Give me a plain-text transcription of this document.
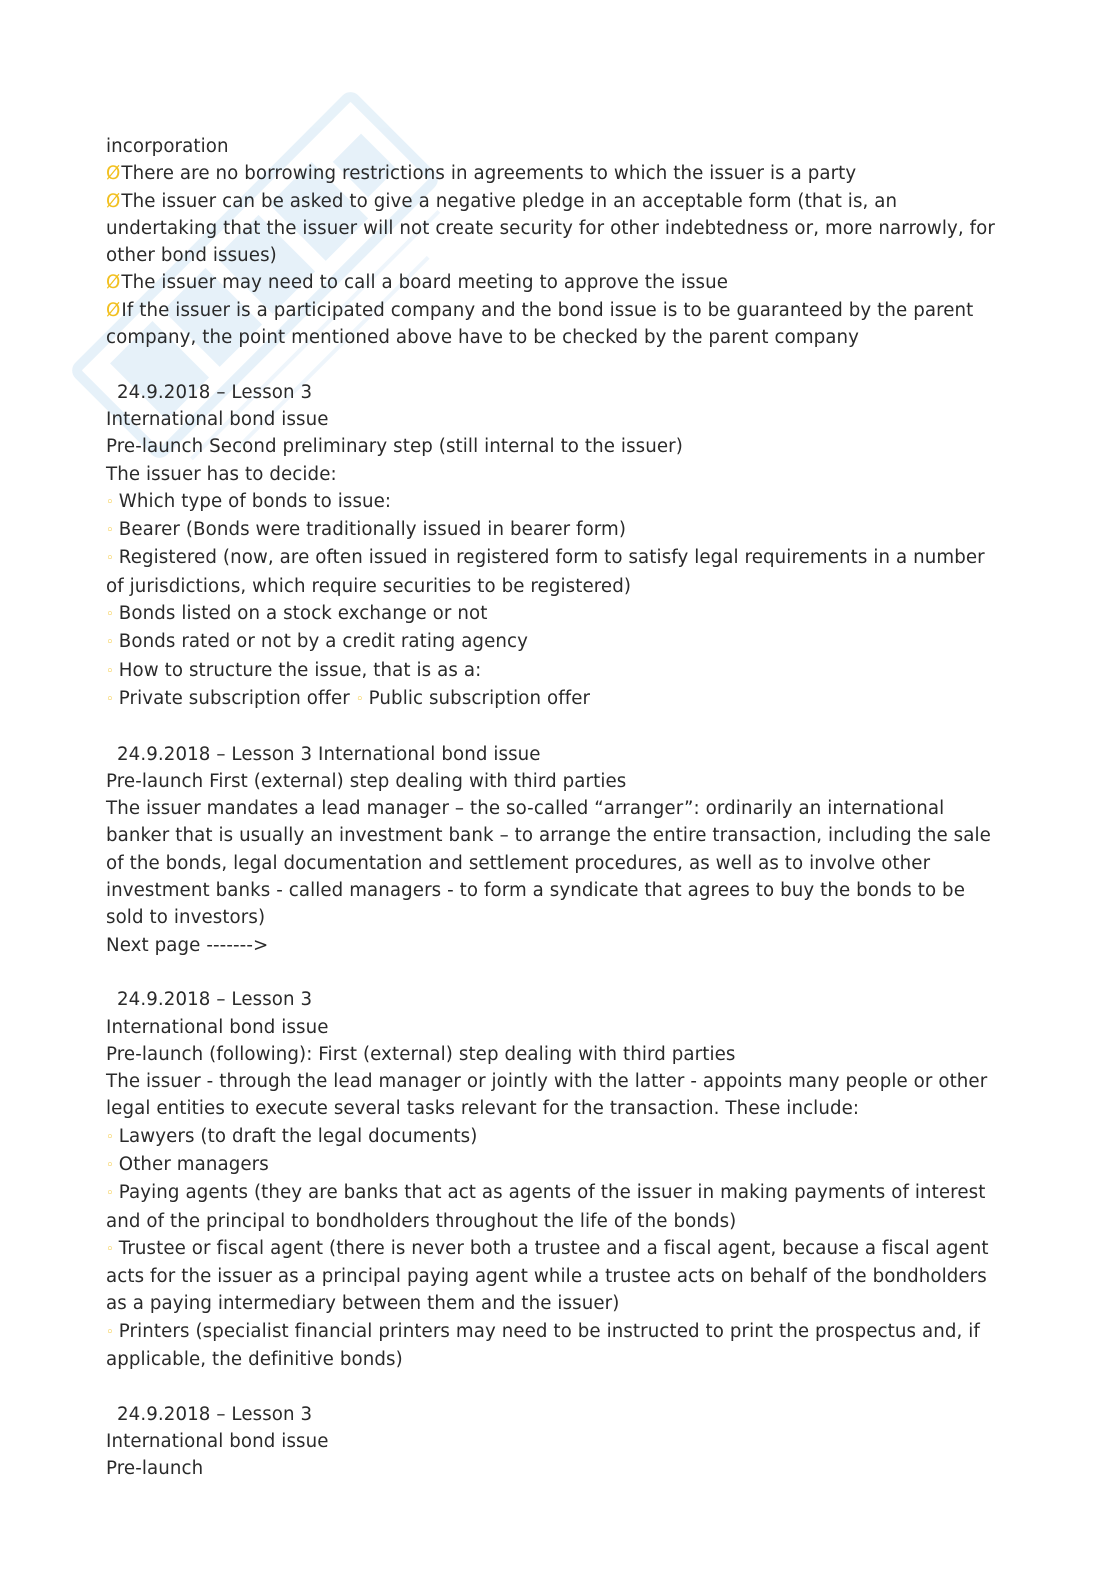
incorporation

ØThere are no borrowing restrictions in agreements to which the issuer is a party

ØThe issuer can be asked to give a negative pledge in an acceptable form (that is, an undertaking that the issuer will not create security for other indebtedness or, more narrowly, for other bond issues)

ØThe issuer may need to call a board meeting to approve the issue

ØIf the issuer is a participated company and the bond issue is to be guaranteed by the parent company, the point mentioned above have to be checked by the parent company

24.9.2018 – Lesson 3

International bond issue

Pre-launch Second preliminary step (still internal to the issuer)

The issuer has to decide:

◦ Which type of bonds to issue:

◦ Bearer (Bonds were traditionally issued in bearer form)

◦ Registered (now, are often issued in registered form to satisfy legal requirements in a number of jurisdictions, which require securities to be registered)

◦ Bonds listed on a stock exchange or not

◦ Bonds rated or not by a credit rating agency

◦ How to structure the issue, that is as a:

◦ Private subscription offer ◦ Public subscription offer

24.9.2018 – Lesson 3 International bond issue

Pre-launch First (external) step dealing with third parties

The issuer mandates a lead manager – the so-called “arranger”: ordinarily an international banker that is usually an investment bank – to arrange the entire transaction, including the sale of the bonds, legal documentation and settlement procedures, as well as to involve other investment banks - called managers - to form a syndicate that agrees to buy the bonds to be sold to investors)

Next page ------->

24.9.2018 – Lesson 3

International bond issue

Pre-launch (following): First (external) step dealing with third parties

The issuer - through the lead manager or jointly with the latter - appoints many people or other legal entities to execute several tasks relevant for the transaction. These include:

◦ Lawyers (to draft the legal documents)

◦ Other managers

◦ Paying agents (they are banks that act as agents of the issuer in making payments of interest and of the principal to bondholders throughout the life of the bonds)

◦ Trustee or fiscal agent (there is never both a trustee and a fiscal agent, because a fiscal agent acts for the issuer as a principal paying agent while a trustee acts on behalf of the bondholders as a paying intermediary between them and the issuer)

◦ Printers (specialist financial printers may need to be instructed to print the prospectus and, if applicable, the definitive bonds)

24.9.2018 – Lesson 3

International bond issue

Pre-launch
